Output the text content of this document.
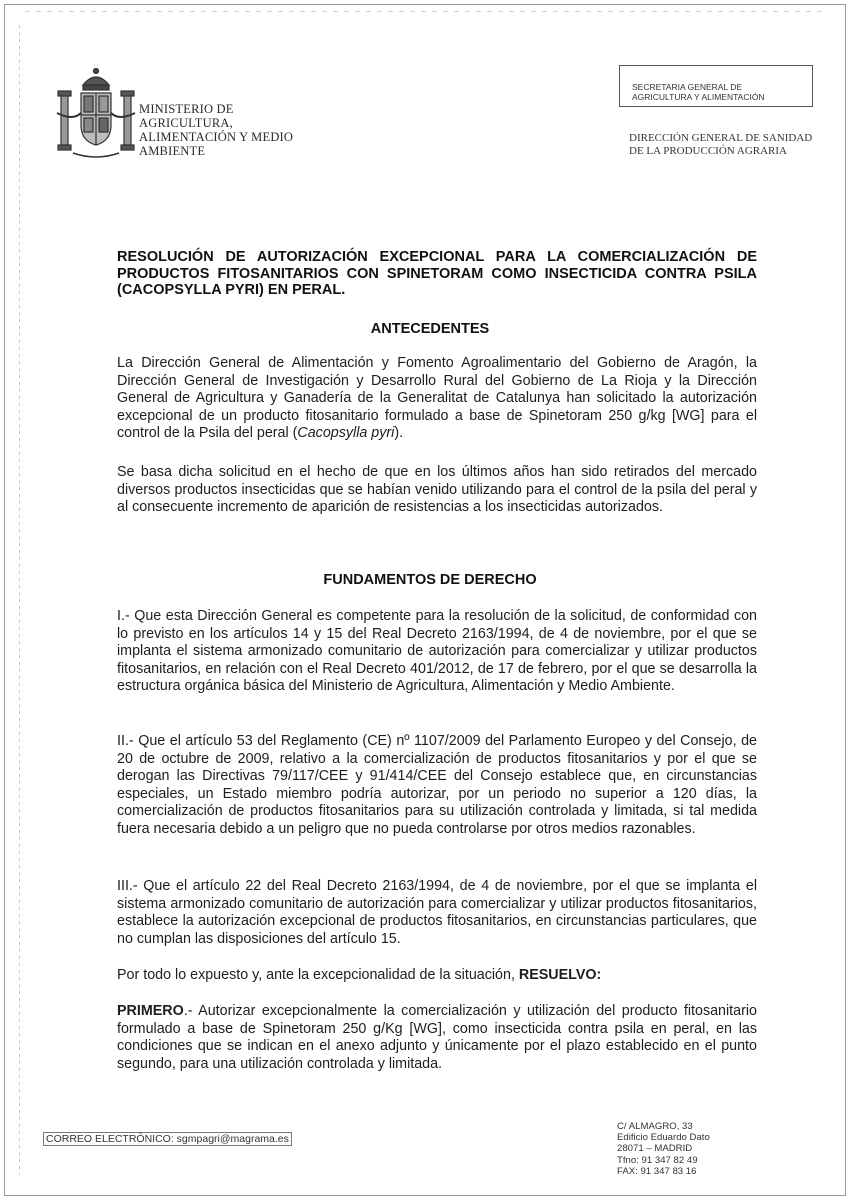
MINISTERIO DE
AGRICULTURA,
ALIMENTACIÓN Y MEDIO
AMBIENTE
SECRETARIA GENERAL DE
AGRICULTURA Y ALIMENTACIÓN
DIRECCIÓN GENERAL DE SANIDAD
DE LA PRODUCCIÓN AGRARIA
RESOLUCIÓN DE AUTORIZACIÓN EXCEPCIONAL PARA LA COMERCIALIZACIÓN DE PRODUCTOS FITOSANITARIOS CON SPINETORAM COMO INSECTICIDA CONTRA PSILA (CACOPSYLLA PYRI) EN PERAL.
ANTECEDENTES
La Dirección General de Alimentación y Fomento Agroalimentario del Gobierno de Aragón, la Dirección General de Investigación y Desarrollo Rural del Gobierno de La Rioja y la Dirección General de Agricultura y Ganadería de la Generalitat de Catalunya han solicitado la autorización excepcional de un producto fitosanitario formulado a base de Spinetoram 250 g/kg [WG] para el control de la Psila del peral (Cacopsylla pyri).
Se basa dicha solicitud en el hecho de que en los últimos años han sido retirados del mercado diversos productos insecticidas que se habían venido utilizando para el control de la psila del peral y al consecuente incremento de aparición de resistencias a los insecticidas autorizados.
FUNDAMENTOS DE DERECHO
I.- Que esta Dirección General es competente para la resolución de la solicitud, de conformidad con lo previsto en los artículos 14 y 15 del Real Decreto 2163/1994, de 4 de noviembre, por el que se implanta el sistema armonizado comunitario de autorización para comercializar y utilizar productos fitosanitarios, en relación con el Real Decreto 401/2012, de 17 de febrero, por el que se desarrolla la estructura orgánica básica del Ministerio de Agricultura, Alimentación y Medio Ambiente.
II.- Que el artículo 53 del Reglamento (CE) nº 1107/2009 del Parlamento Europeo y del Consejo, de 20 de octubre de 2009, relativo a la comercialización de productos fitosanitarios y por el que se derogan las Directivas 79/117/CEE y 91/414/CEE del Consejo establece que, en circunstancias especiales, un Estado miembro podría autorizar, por un periodo no superior a 120 días, la comercialización de productos fitosanitarios para su utilización controlada y limitada, si tal medida fuera necesaria debido a un peligro que no pueda controlarse por otros medios razonables.
III.- Que el artículo 22 del Real Decreto 2163/1994, de 4 de noviembre, por el que se implanta el sistema armonizado comunitario de autorización para comercializar y utilizar productos fitosanitarios, establece la autorización excepcional de productos fitosanitarios, en circunstancias particulares, que no cumplan las disposiciones del artículo 15.
Por todo lo expuesto y, ante la excepcionalidad de la situación, RESUELVO:
PRIMERO.- Autorizar excepcionalmente la comercialización y utilización del producto fitosanitario formulado a base de Spinetoram 250 g/Kg [WG], como insecticida contra psila en peral, en las condiciones que se indican en el anexo adjunto y únicamente por el plazo establecido en el punto segundo, para una utilización controlada y limitada.
CORREO ELECTRÓNICO: sgmpagri@magrama.es
C/ ALMAGRO, 33
Edificio Eduardo Dato
28071 – MADRID
Tfno: 91 347 82 49
FAX: 91 347 83 16
